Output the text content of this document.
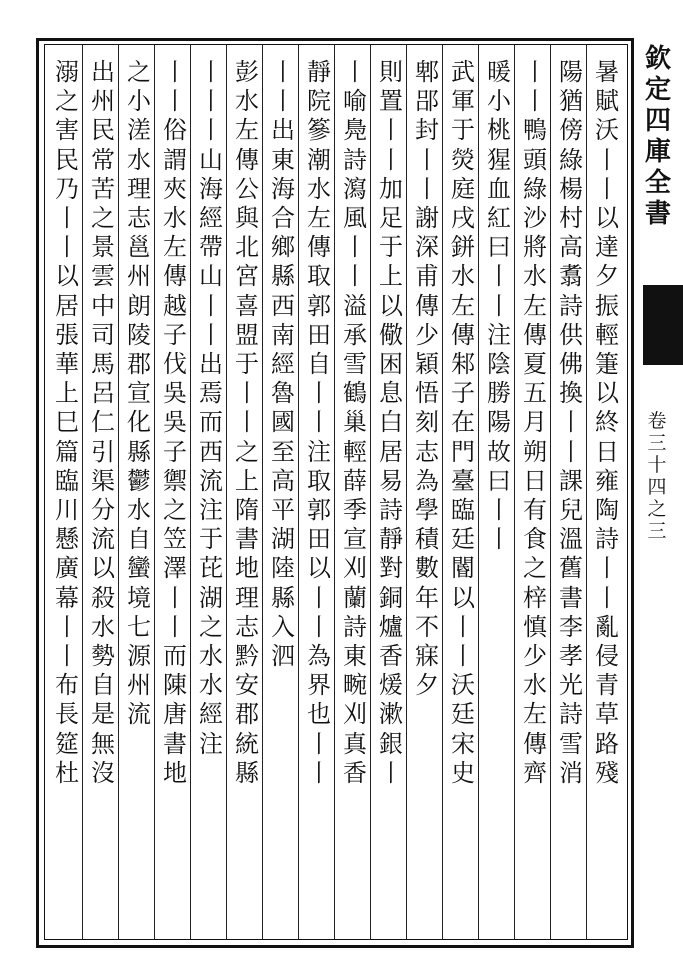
暑賦沃丨丨以達夕振輕箑以終日雍陶詩丨丨亂侵青草路殘
陽猶傍綠楊村高翥詩供佛換丨丨課兒溫舊書李孝光詩雪消
丨丨鴨頭綠沙將水左傳夏五月朔日有食之梓慎少水左傳齊
暖小桃猩血紅曰丨丨注陰勝陽故曰丨丨
武軍于熒庭戌鉼水左傳邾子在門臺臨廷閽以丨丨沃廷宋史
郫郘封丨丨謝深甫傳少穎悟刻志為學積數年不寐夕
則置丨丨加足于上以儆困息白居易詩靜對銅爐香煖漱銀丨
丨喻鳧詩瀉風丨丨溢承雪鶴巢輕薛季宣刈蘭詩東畹刈真香
靜院篸潮水左傳取郭田自丨丨注取郭田以丨丨為界也丨丨
丨丨出東海合鄉縣西南經魯國至高平湖陸縣入泗
彭水左傳公與北宮喜盟于丨丨之上隋書地理志黔安郡統縣
丨丨丨山海經帶山丨丨出焉而西流注于芘湖之水水經注
丨丨俗謂夾水左傳越子伐吳吳子禦之笠澤丨丨而陳唐書地
之小溠水理志邕州朗陵郡宣化縣鬱水自蠻境七源州流
出州民常苦之景雲中司馬呂仁引渠分流以殺水勢自是無沒
溺之害民乃丨丨以居張華上巳篇臨川懸廣幕丨丨布長筵杜
欽定四庫全書
卷三十四之三
